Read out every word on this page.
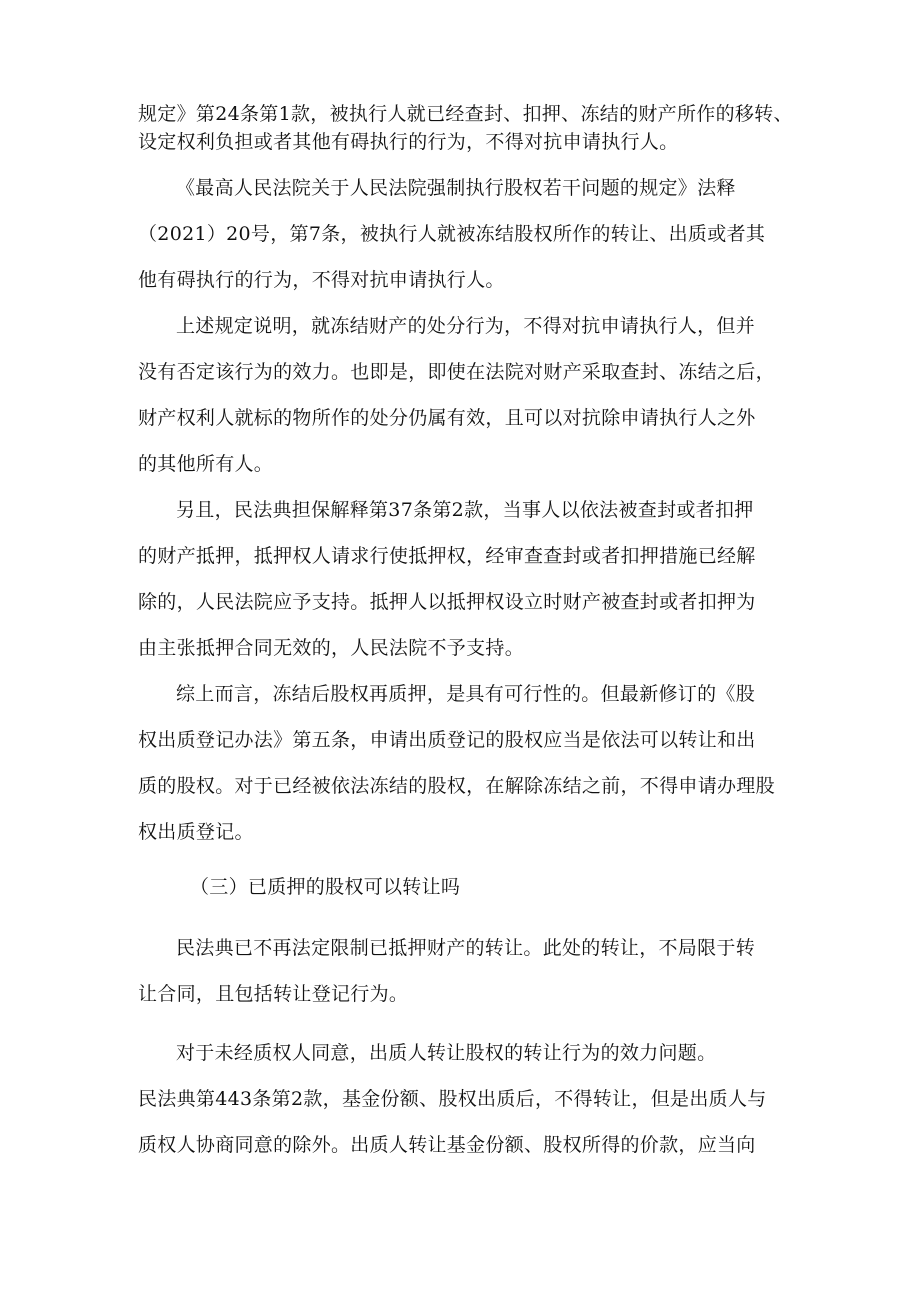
规定》第24条第1款，被执行人就已经查封、扣押、冻结的财产所作的移转、
设定权利负担或者其他有碍执行的行为，不得对抗申请执行人。
《最高人民法院关于人民法院强制执行股权若干问题的规定》法释
（2021）20号，第7条，被执行人就被冻结股权所作的转让、出质或者其
他有碍执行的行为，不得对抗申请执行人。
上述规定说明，就冻结财产的处分行为，不得对抗申请执行人，但并
没有否定该行为的效力。也即是，即使在法院对财产采取查封、冻结之后，
财产权利人就标的物所作的处分仍属有效，且可以对抗除申请执行人之外
的其他所有人。
另且，民法典担保解释第37条第2款，当事人以依法被查封或者扣押
的财产抵押，抵押权人请求行使抵押权，经审查查封或者扣押措施已经解
除的，人民法院应予支持。抵押人以抵押权设立时财产被查封或者扣押为
由主张抵押合同无效的，人民法院不予支持。
综上而言，冻结后股权再质押，是具有可行性的。但最新修订的《股
权出质登记办法》第五条，申请出质登记的股权应当是依法可以转让和出
质的股权。对于已经被依法冻结的股权，在解除冻结之前，不得申请办理股
权出质登记。
（三）已质押的股权可以转让吗
民法典已不再法定限制已抵押财产的转让。此处的转让，不局限于转
让合同，且包括转让登记行为。
对于未经质权人同意，出质人转让股权的转让行为的效力问题。
民法典第443条第2款，基金份额、股权出质后，不得转让，但是出质人与
质权人协商同意的除外。出质人转让基金份额、股权所得的价款，应当向
